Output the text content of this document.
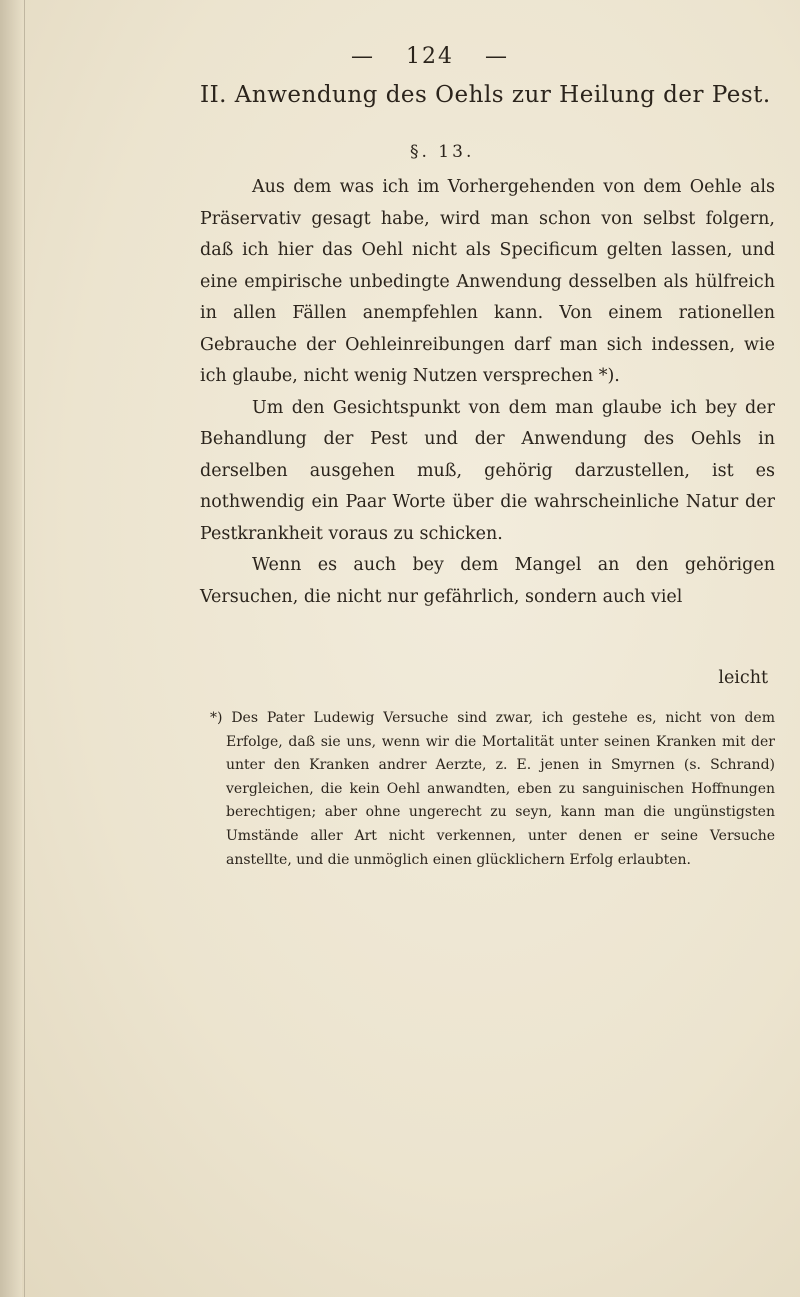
— 124 —
II. Anwendung des Oehls zur Heilung der Pest.
§. 13.

Aus dem was ich im Vorhergehenden von dem Oehle als Präservativ gesagt habe, wird man schon von selbst folgern, daß ich hier das Oehl nicht als Specificum gelten lassen, und eine empirische unbedingte Anwendung desselben als hülfreich in allen Fällen anempfehlen kann. Von einem rationellen Gebrauche der Oehleinreibungen darf man sich indessen, wie ich glaube, nicht wenig Nutzen versprechen *).

Um den Gesichtspunkt von dem man glaube ich bey der Behandlung der Pest und der Anwendung des Oehls in derselben ausgehen muß, gehörig darzustellen, ist es nothwendig ein Paar Worte über die wahrscheinliche Natur der Pestkrankheit voraus zu schicken.

Wenn es auch bey dem Mangel an den gehörigen Versuchen, die nicht nur gefährlich, sondern auch viel

leicht

*) Des Pater Ludewig Versuche sind zwar, ich gestehe es, nicht von dem Erfolge, daß sie uns, wenn wir die Mortalität unter seinen Kranken mit der unter den Kranken andrer Aerzte, z. E. jenen in Smyrnen (s. Schrand) vergleichen, die kein Oehl anwandten, eben zu sanguinischen Hoffnungen berechtigen; aber ohne ungerecht zu seyn, kann man die ungünstigsten Umstände aller Art nicht verkennen, unter denen er seine Versuche anstellte, und die unmöglich einen glücklichern Erfolg erlaubten.
